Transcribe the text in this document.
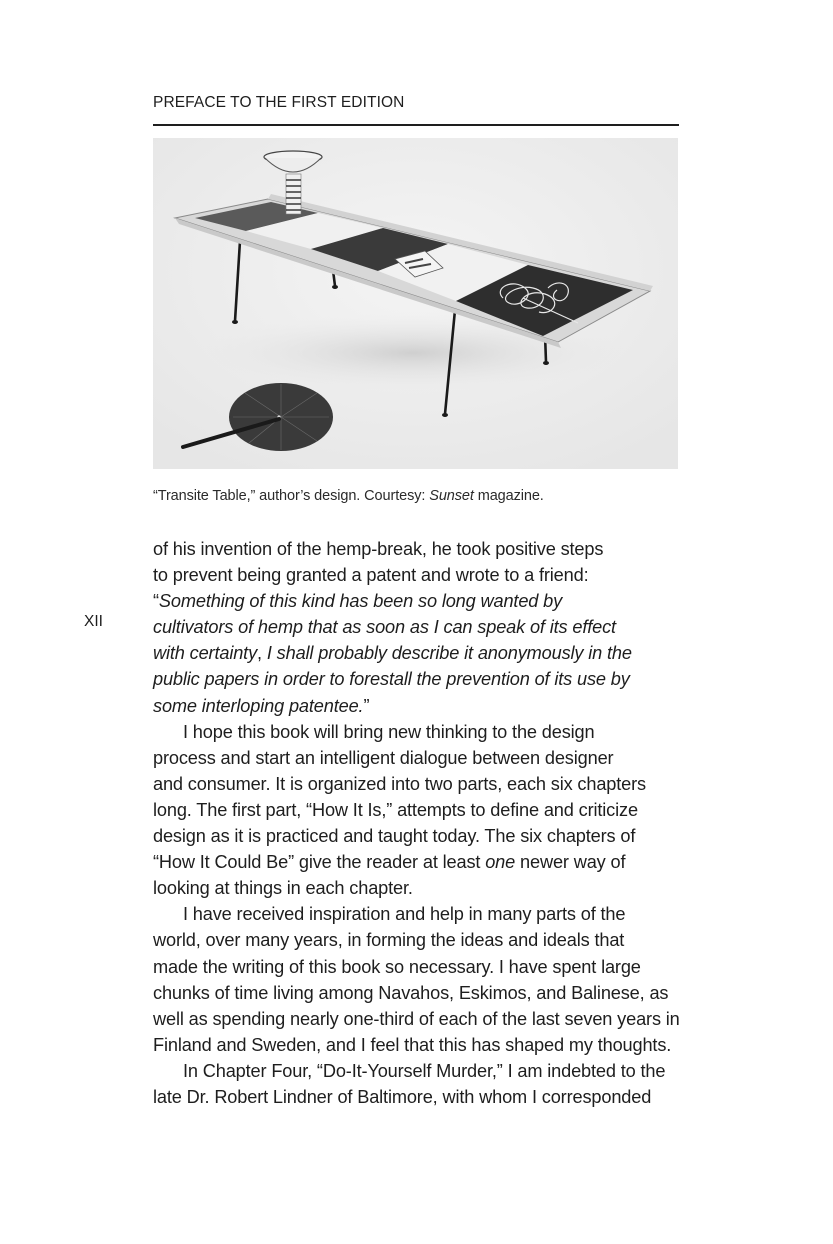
PREFACE TO THE FIRST EDITION
“Transite Table,” author’s design. Courtesy: Sunset magazine.
XII
of his invention of the hemp-break, he took positive steps
to prevent being granted a patent and wrote to a friend:
“Something of this kind has been so long wanted by
cultivators of hemp that as soon as I can speak of its effect
with certainty, I shall probably describe it anonymously in the
public papers in order to forestall the prevention of its use by
some interloping patentee.”
I hope this book will bring new thinking to the design
process and start an intelligent dialogue between designer
and consumer. It is organized into two parts, each six chapters
long. The first part, “How It Is,” attempts to define and criticize
design as it is practiced and taught today. The six chapters of
“How It Could Be” give the reader at least one newer way of
looking at things in each chapter.
I have received inspiration and help in many parts of the
world, over many years, in forming the ideas and ideals that
made the writing of this book so necessary. I have spent large
chunks of time living among Navahos, Eskimos, and Balinese, as
well as spending nearly one-third of each of the last seven years in
Finland and Sweden, and I feel that this has shaped my thoughts.
In Chapter Four, “Do-It-Yourself Murder,” I am indebted to the
late Dr. Robert Lindner of Baltimore, with whom I corresponded
